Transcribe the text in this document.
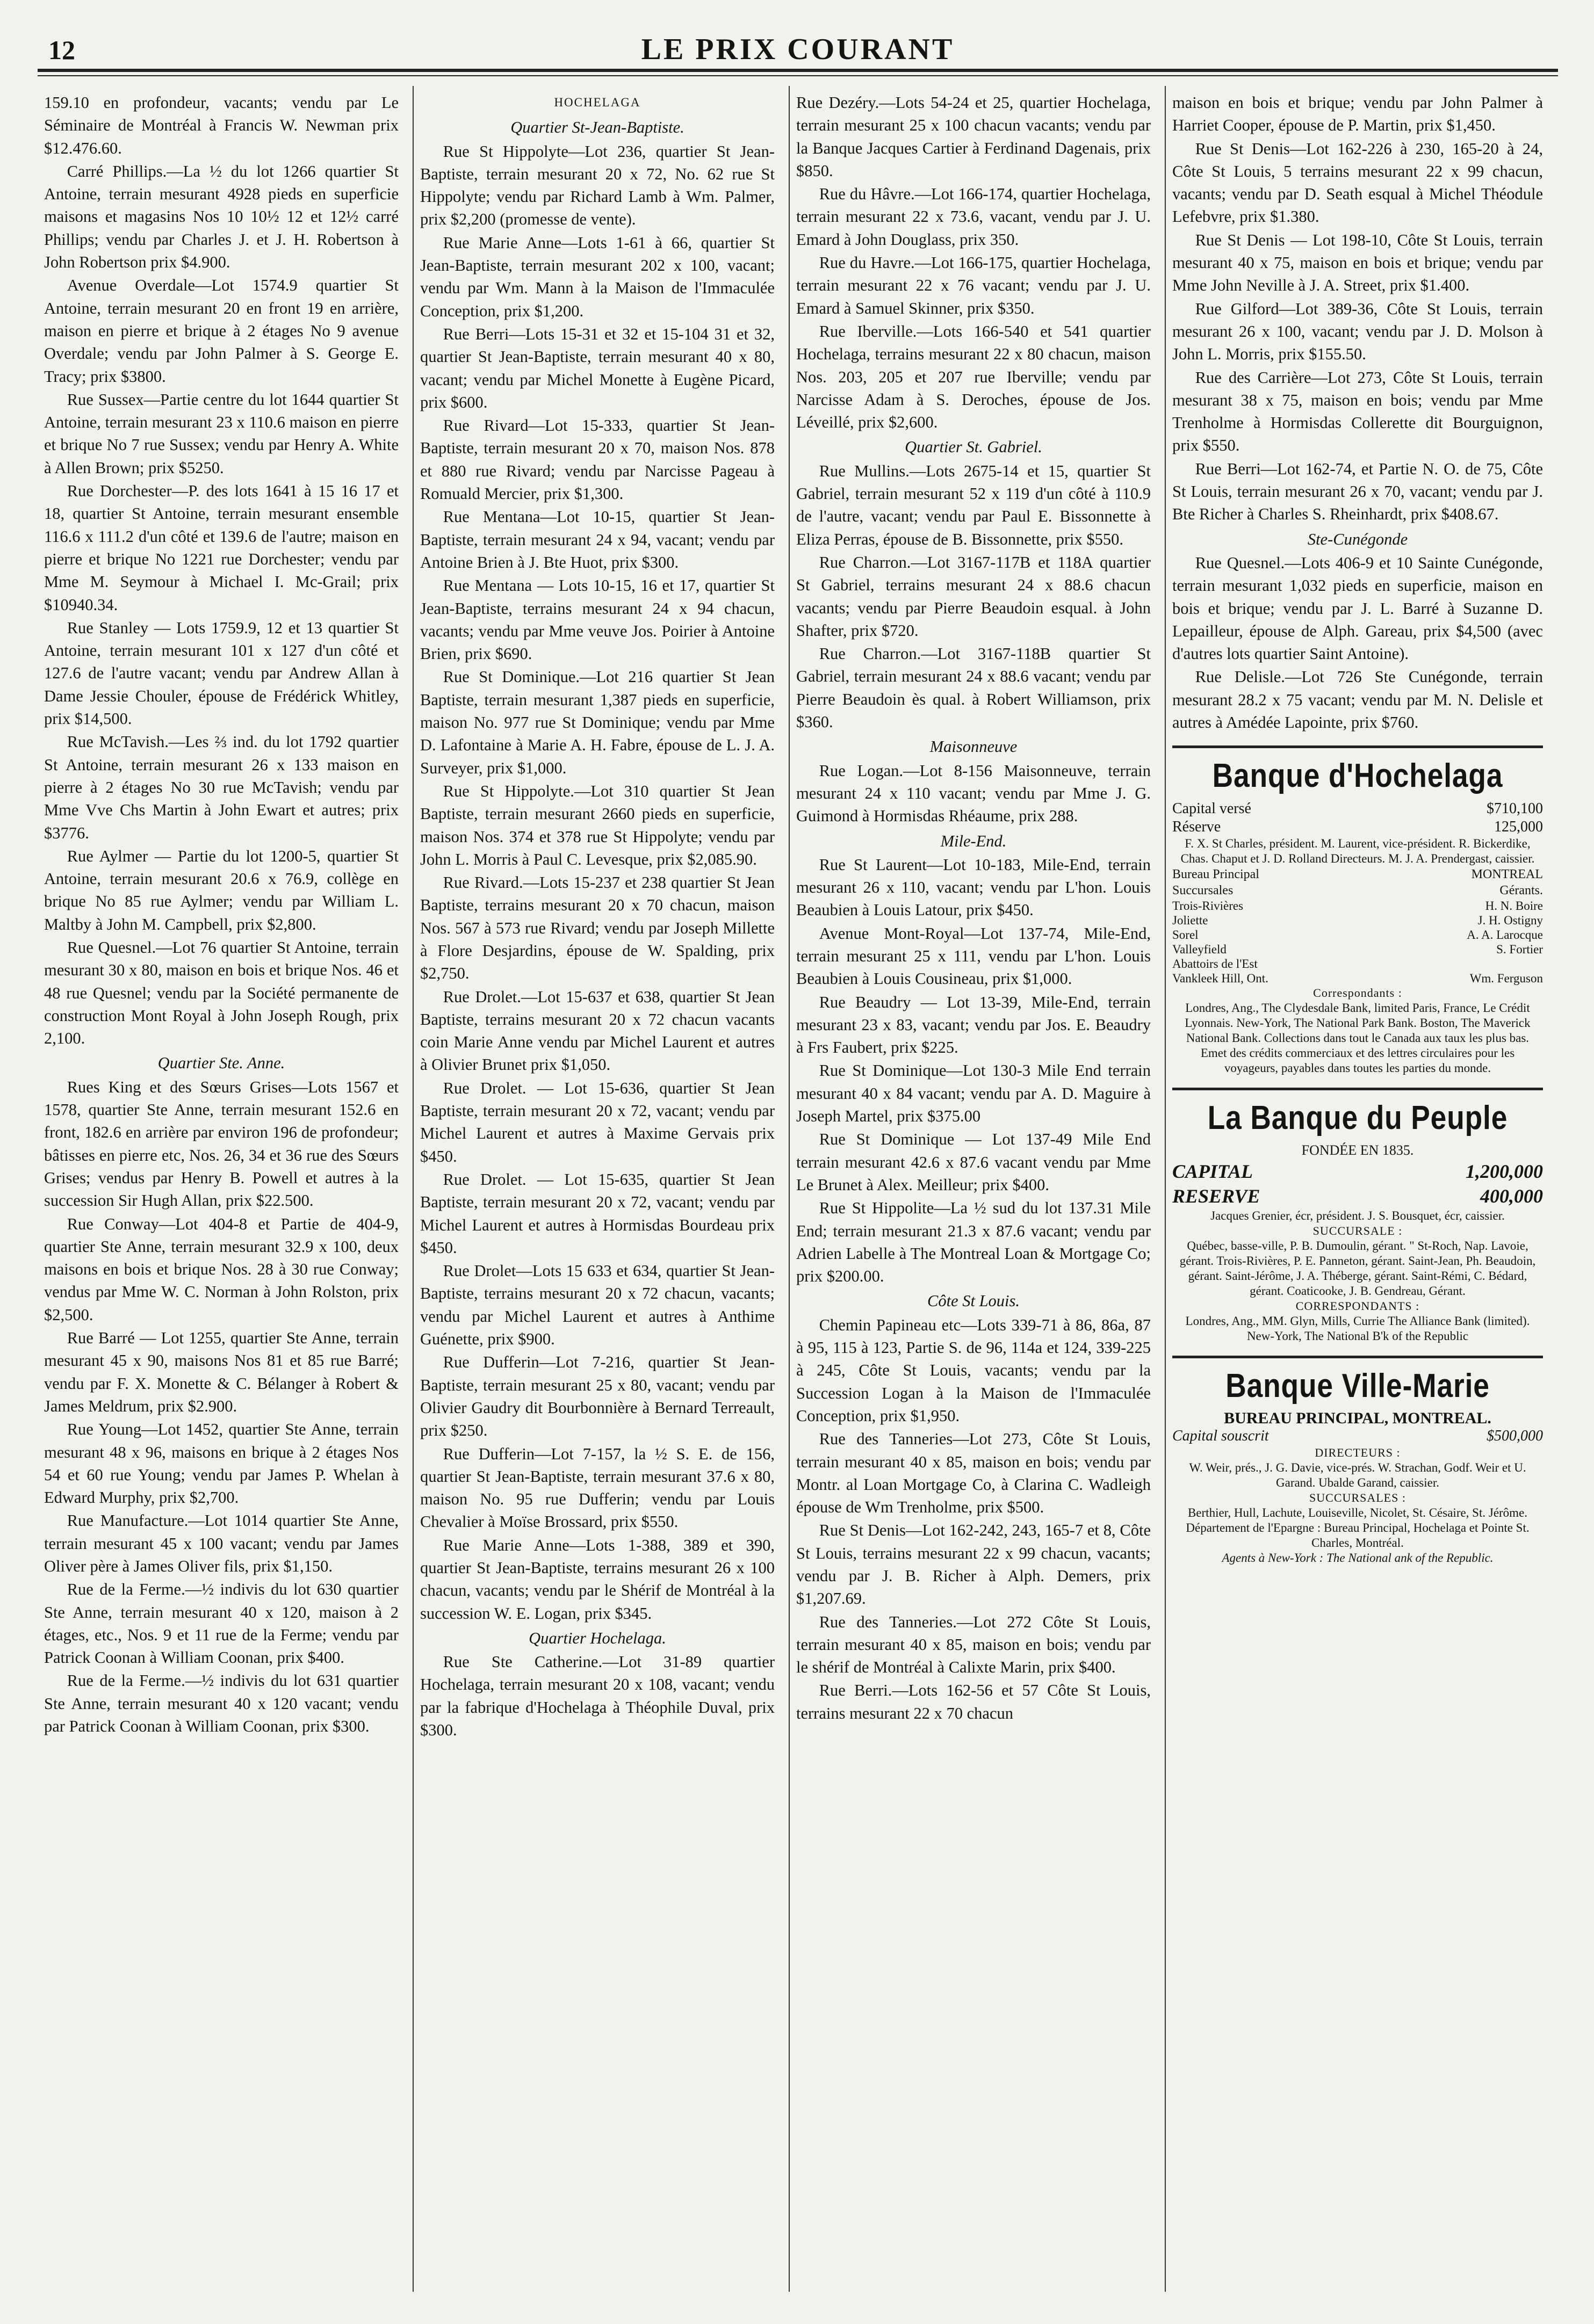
12	LE PRIX COURANT

159.10 en profondeur, vacants; vendu par Le Séminaire de Montréal à Francis W. Newman prix $12.476.60.

Carré Phillips.—La ½ du lot 1266 quartier St Antoine, terrain mesurant 4928 pieds en superficie maisons et magasins Nos 10 10½ 12 et 12½ carré Phillips; vendu par Charles J. et J. H. Robertson à John Robertson prix $4.900.

Avenue Overdale—Lot 1574.9 quartier St Antoine, terrain mesurant 20 en front 19 en arrière, maison en pierre et brique à 2 étages No 9 avenue Overdale; vendu par John Palmer à S. George E. Tracy; prix $3800.

Rue Sussex—Partie centre du lot 1644 quartier St Antoine, terrain mesurant 23 x 110.6 maison en pierre et brique No 7 rue Sussex; vendu par Henry A. White à Allen Brown; prix $5250.

Rue Dorchester—P. des lots 1641 à 15 16 17 et 18, quartier St Antoine, terrain mesurant ensemble 116.6 x 111.2 d'un côté et 139.6 de l'autre; maison en pierre et brique No 1221 rue Dorchester; vendu par Mme M. Seymour à Michael I. Mc-Grail; prix $10940.34.

Rue Stanley — Lots 1759.9, 12 et 13 quartier St Antoine, terrain mesurant 101 x 127 d'un côté et 127.6 de l'autre vacant; vendu par Andrew Allan à Dame Jessie Chouler, épouse de Frédérick Whitley, prix $14,500.

Rue McTavish.—Les ⅔ ind. du lot 1792 quartier St Antoine, terrain mesurant 26 x 133 maison en pierre à 2 étages No 30 rue McTavish; vendu par Mme Vve Chs Martin à John Ewart et autres; prix $3776.

Rue Aylmer — Partie du lot 1200-5, quartier St Antoine, terrain mesurant 20.6 x 76.9, collège en brique No 85 rue Aylmer; vendu par William L. Maltby à John M. Campbell, prix $2,800.

Rue Quesnel.—Lot 76 quartier St Antoine, terrain mesurant 30 x 80, maison en bois et brique Nos. 46 et 48 rue Quesnel; vendu par la Société permanente de construction Mont Royal à John Joseph Rough, prix 2,100.

Quartier Ste. Anne.

Rues King et des Sœurs Grises—Lots 1567 et 1578, quartier Ste Anne, terrain mesurant 152.6 en front, 182.6 en arrière par environ 196 de profondeur; bâtisses en pierre etc, Nos. 26, 34 et 36 rue des Sœurs Grises; vendus par Henry B. Powell et autres à la succession Sir Hugh Allan, prix $22.500.

Rue Conway—Lot 404-8 et Partie de 404-9, quartier Ste Anne, terrain mesurant 32.9 x 100, deux maisons en bois et brique Nos. 28 à 30 rue Conway; vendus par Mme W. C. Norman à John Rolston, prix $2,500.

Rue Barré — Lot 1255, quartier Ste Anne, terrain mesurant 45 x 90, maisons Nos 81 et 85 rue Barré; vendu par F. X. Monette & C. Bélanger à Robert & James Meldrum, prix $2.900.

Rue Young—Lot 1452, quartier Ste Anne, terrain mesurant 48 x 96, maisons en brique à 2 étages Nos 54 et 60 rue Young; vendu par James P. Whelan à Edward Murphy, prix $2,700.

Rue Manufacture.—Lot 1014 quartier Ste Anne, terrain mesurant 45 x 100 vacant; vendu par James Oliver père à James Oliver fils, prix $1,150.

Rue de la Ferme.—½ indivis du lot 630 quartier Ste Anne, terrain mesurant 40 x 120, maison à 2 étages, etc., Nos. 9 et 11 rue de la Ferme; vendu par Patrick Coonan à William Coonan, prix $400.

Rue de la Ferme.—½ indivis du lot 631 quartier Ste Anne, terrain mesurant 40 x 120 vacant; vendu par Patrick Coonan à William Coonan, prix $300.

HOCHELAGA
Quartier St-Jean-Baptiste.

Rue St Hippolyte—Lot 236, quartier St Jean-Baptiste, terrain mesurant 20 x 72, No. 62 rue St Hippolyte; vendu par Richard Lamb à Wm. Palmer, prix $2,200 (promesse de vente).

Rue Marie Anne—Lots 1-61 à 66, quartier St Jean-Baptiste, terrain mesurant 202 x 100, vacant; vendu par Wm. Mann à la Maison de l'Immaculée Conception, prix $1,200.

Rue Berri—Lots 15-31 et 32 et 15-104 31 et 32, quartier St Jean-Baptiste, terrain mesurant 40 x 80, vacant; vendu par Michel Monette à Eugène Picard, prix $600.

Rue Rivard—Lot 15-333, quartier St Jean-Baptiste, terrain mesurant 20 x 70, maison Nos. 878 et 880 rue Rivard; vendu par Narcisse Pageau à Romuald Mercier, prix $1,300.

Rue Mentana—Lot 10-15, quartier St Jean-Baptiste, terrain mesurant 24 x 94, vacant; vendu par Antoine Brien à J. Bte Huot, prix $300.

Rue Mentana — Lots 10-15, 16 et 17, quartier St Jean-Baptiste, terrains mesurant 24 x 94 chacun, vacants; vendu par Mme veuve Jos. Poirier à Antoine Brien, prix $690.

Rue St Dominique.—Lot 216 quartier St Jean Baptiste, terrain mesurant 1,387 pieds en superficie, maison No. 977 rue St Dominique; vendu par Mme D. Lafontaine à Marie A. H. Fabre, épouse de L. J. A. Surveyer, prix $1,000.

Rue St Hippolyte.—Lot 310 quartier St Jean Baptiste, terrain mesurant 2660 pieds en superficie, maison Nos. 374 et 378 rue St Hippolyte; vendu par John L. Morris à Paul C. Levesque, prix $2,085.90.

Rue Rivard.—Lots 15-237 et 238 quartier St Jean Baptiste, terrains mesurant 20 x 70 chacun, maison Nos. 567 à 573 rue Rivard; vendu par Joseph Millette à Flore Desjardins, épouse de W. Spalding, prix $2,750.

Rue Drolet.—Lot 15-637 et 638, quartier St Jean Baptiste, terrains mesurant 20 x 72 chacun vacants coin Marie Anne vendu par Michel Laurent et autres à Olivier Brunet prix $1,050.

Rue Drolet. — Lot 15-636, quartier St Jean Baptiste, terrain mesurant 20 x 72, vacant; vendu par Michel Laurent et autres à Maxime Gervais prix $450.

Rue Drolet. — Lot 15-635, quartier St Jean Baptiste, terrain mesurant 20 x 72, vacant; vendu par Michel Laurent et autres à Hormisdas Bourdeau prix $450.

Rue Drolet—Lots 15 633 et 634, quartier St Jean-Baptiste, terrains mesurant 20 x 72 chacun, vacants; vendu par Michel Laurent et autres à Anthime Guénette, prix $900.

Rue Dufferin—Lot 7-216, quartier St Jean-Baptiste, terrain mesurant 25 x 80, vacant; vendu par Olivier Gaudry dit Bourbonnière à Bernard Terreault, prix $250.

Rue Dufferin—Lot 7-157, la ½ S. E. de 156, quartier St Jean-Baptiste, terrain mesurant 37.6 x 80, maison No. 95 rue Dufferin; vendu par Louis Chevalier à Moïse Brossard, prix $550.

Rue Marie Anne—Lots 1-388, 389 et 390, quartier St Jean-Baptiste, terrains mesurant 26 x 100 chacun, vacants; vendu par le Shérif de Montréal à la succession W. E. Logan, prix $345.

Quartier Hochelaga.

Rue Ste Catherine.—Lot 31-89 quartier Hochelaga, terrain mesurant 20 x 108, vacant; vendu par la fabrique d'Hochelaga à Théophile Duval, prix $300.

Rue Dezéry.—Lots 54-24 et 25, quartier Hochelaga, terrain mesurant 25 x 100 chacun vacants; vendu par la Banque Jacques Cartier à Ferdinand Dagenais, prix $850.

Rue du Hâvre.—Lot 166-174, quartier Hochelaga, terrain mesurant 22 x 73.6, vacant, vendu par J. U. Emard à John Douglass, prix 350.

Rue du Havre.—Lot 166-175, quartier Hochelaga, terrain mesurant 22 x 76 vacant; vendu par J. U. Emard à Samuel Skinner, prix $350.

Rue Iberville.—Lots 166-540 et 541 quartier Hochelaga, terrains mesurant 22 x 80 chacun, maison Nos. 203, 205 et 207 rue Iberville; vendu par Narcisse Adam à S. Deroches, épouse de Jos. Léveillé, prix $2,600.

Quartier St. Gabriel.

Rue Mullins.—Lots 2675-14 et 15, quartier St Gabriel, terrain mesurant 52 x 119 d'un côté à 110.9 de l'autre, vacant; vendu par Paul E. Bissonnette à Eliza Perras, épouse de B. Bissonnette, prix $550.

Rue Charron.—Lot 3167-117B et 118A quartier St Gabriel, terrains mesurant 24 x 88.6 chacun vacants; vendu par Pierre Beaudoin esqual. à John Shafter, prix $720.

Rue Charron.—Lot 3167-118B quartier St Gabriel, terrain mesurant 24 x 88.6 vacant; vendu par Pierre Beaudoin ès qual. à Robert Williamson, prix $360.

Maisonneuve

Rue Logan.—Lot 8-156 Maisonneuve, terrain mesurant 24 x 110 vacant; vendu par Mme J. G. Guimond à Hormisdas Rhéaume, prix 288.

Mile-End.

Rue St Laurent—Lot 10-183, Mile-End, terrain mesurant 26 x 110, vacant; vendu par L'hon. Louis Beaubien à Louis Latour, prix $450.

Avenue Mont-Royal—Lot 137-74, Mile-End, terrain mesurant 25 x 111, vendu par L'hon. Louis Beaubien à Louis Cousineau, prix $1,000.

Rue Beaudry — Lot 13-39, Mile-End, terrain mesurant 23 x 83, vacant; vendu par Jos. E. Beaudry à Frs Faubert, prix $225.

Rue St Dominique—Lot 130-3 Mile End terrain mesurant 40 x 84 vacant; vendu par A. D. Maguire à Joseph Martel, prix $375.00

Rue St Dominique — Lot 137-49 Mile End terrain mesurant 42.6 x 87.6 vacant vendu par Mme Le Brunet à Alex. Meilleur; prix $400.

Rue St Hippolite—La ½ sud du lot 137.31 Mile End; terrain mesurant 21.3 x 87.6 vacant; vendu par Adrien Labelle à The Montreal Loan & Mortgage Co; prix $200.00.

Côte St Louis.

Chemin Papineau etc—Lots 339-71 à 86, 86a, 87 à 95, 115 à 123, Partie S. de 96, 114a et 124, 339-225 à 245, Côte St Louis, vacants; vendu par la Succession Logan à la Maison de l'Immaculée Conception, prix $1,950.

Rue des Tanneries—Lot 273, Côte St Louis, terrain mesurant 40 x 85, maison en bois; vendu par Montr. al Loan Mortgage Co, à Clarina C. Wadleigh épouse de Wm Trenholme, prix $500.

Rue St Denis—Lot 162-242, 243, 165-7 et 8, Côte St Louis, terrains mesurant 22 x 99 chacun, vacants; vendu par J. B. Richer à Alph. Demers, prix $1,207.69.

Rue des Tanneries.—Lot 272 Côte St Louis, terrain mesurant 40 x 85, maison en bois; vendu par le shérif de Montréal à Calixte Marin, prix $400.

Rue Berri.—Lots 162-56 et 57 Côte St Louis, terrains mesurant 22 x 70 chacun

maison en bois et brique; vendu par John Palmer à Harriet Cooper, épouse de P. Martin, prix $1,450.

Rue St Denis—Lot 162-226 à 230, 165-20 à 24, Côte St Louis, 5 terrains mesurant 22 x 99 chacun, vacants; vendu par D. Seath esqual à Michel Théodule Lefebvre, prix $1.380.

Rue St Denis — Lot 198-10, Côte St Louis, terrain mesurant 40 x 75, maison en bois et brique; vendu par Mme John Neville à J. A. Street, prix $1.400.

Rue Gilford—Lot 389-36, Côte St Louis, terrain mesurant 26 x 100, vacant; vendu par J. D. Molson à John L. Morris, prix $155.50.

Rue des Carrière—Lot 273, Côte St Louis, terrain mesurant 38 x 75, maison en bois; vendu par Mme Trenholme à Hormisdas Collerette dit Bourguignon, prix $550.

Rue Berri—Lot 162-74, et Partie N. O. de 75, Côte St Louis, terrain mesurant 26 x 70, vacant; vendu par J. Bte Richer à Charles S. Rheinhardt, prix $408.67.

Ste-Cunégonde

Rue Quesnel.—Lots 406-9 et 10 Sainte Cunégonde, terrain mesurant 1,032 pieds en superficie, maison en bois et brique; vendu par J. L. Barré à Suzanne D. Lepailleur, épouse de Alph. Gareau, prix $4,500 (avec d'autres lots quartier Saint Antoine).

Rue Delisle.—Lot 726 Ste Cunégonde, terrain mesurant 28.2 x 75 vacant; vendu par M. N. Delisle et autres à Amédée Lapointe, prix $760.

Banque d'Hochelaga
Capital versé	$710,100
Réserve	125,000
F. X. St Charles, président. M. Laurent, vice-président. R. Bickerdike, Chas. Chaput et J. D. Rolland Directeurs. M. J. A. Prendergast, caissier.
Bureau Principal	MONTREAL
Succursales	Gérants.
Trois-Rivières	H. N. Boire
Joliette	J. H. Ostigny
Sorel	A. A. Larocque
Valleyfield	S. Fortier
Abattoirs de l'Est
Vankleek Hill, Ont.	Wm. Ferguson
Correspondants :
Londres, Ang., The Clydesdale Bank, limited Paris, France, Le Crédit Lyonnais. New-York, The National Park Bank. Boston, The Maverick National Bank. Collections dans tout le Canada aux taux les plus bas. Emet des crédits commerciaux et des lettres circulaires pour les voyageurs, payables dans toutes les parties du monde.
La Banque du Peuple
FONDÉE EN 1835.
CAPITAL	1,200,000
RESERVE	400,000
Jacques Grenier, écr, président. J. S. Bousquet, écr, caissier.
SUCCURSALE :
Québec, basse-ville, P. B. Dumoulin, gérant. " St-Roch, Nap. Lavoie, gérant. Trois-Rivières, P. E. Panneton, gérant. Saint-Jean, Ph. Beaudoin, gérant. Saint-Jérôme, J. A. Théberge, gérant. Saint-Rémi, C. Bédard, gérant. Coaticooke, J. B. Gendreau, Gérant.
CORRESPONDANTS :
Londres, Ang., MM. Glyn, Mills, Currie The Alliance Bank (limited). New-York, The National B'k of the Republic
Banque Ville-Marie
BUREAU PRINCIPAL, MONTREAL.
Capital souscrit	$500,000
DIRECTEURS :
W. Weir, prés., J. G. Davie, vice-prés. W. Strachan, Godf. Weir et U. Garand. Ubalde Garand, caissier.
SUCCURSALES :
Berthier, Hull, Lachute, Louiseville, Nicolet, St. Césaire, St. Jérôme.
Département de l'Epargne : Bureau Principal, Hochelaga et Pointe St. Charles, Montréal.
Agents à New-York : The National ank of the Republic.
